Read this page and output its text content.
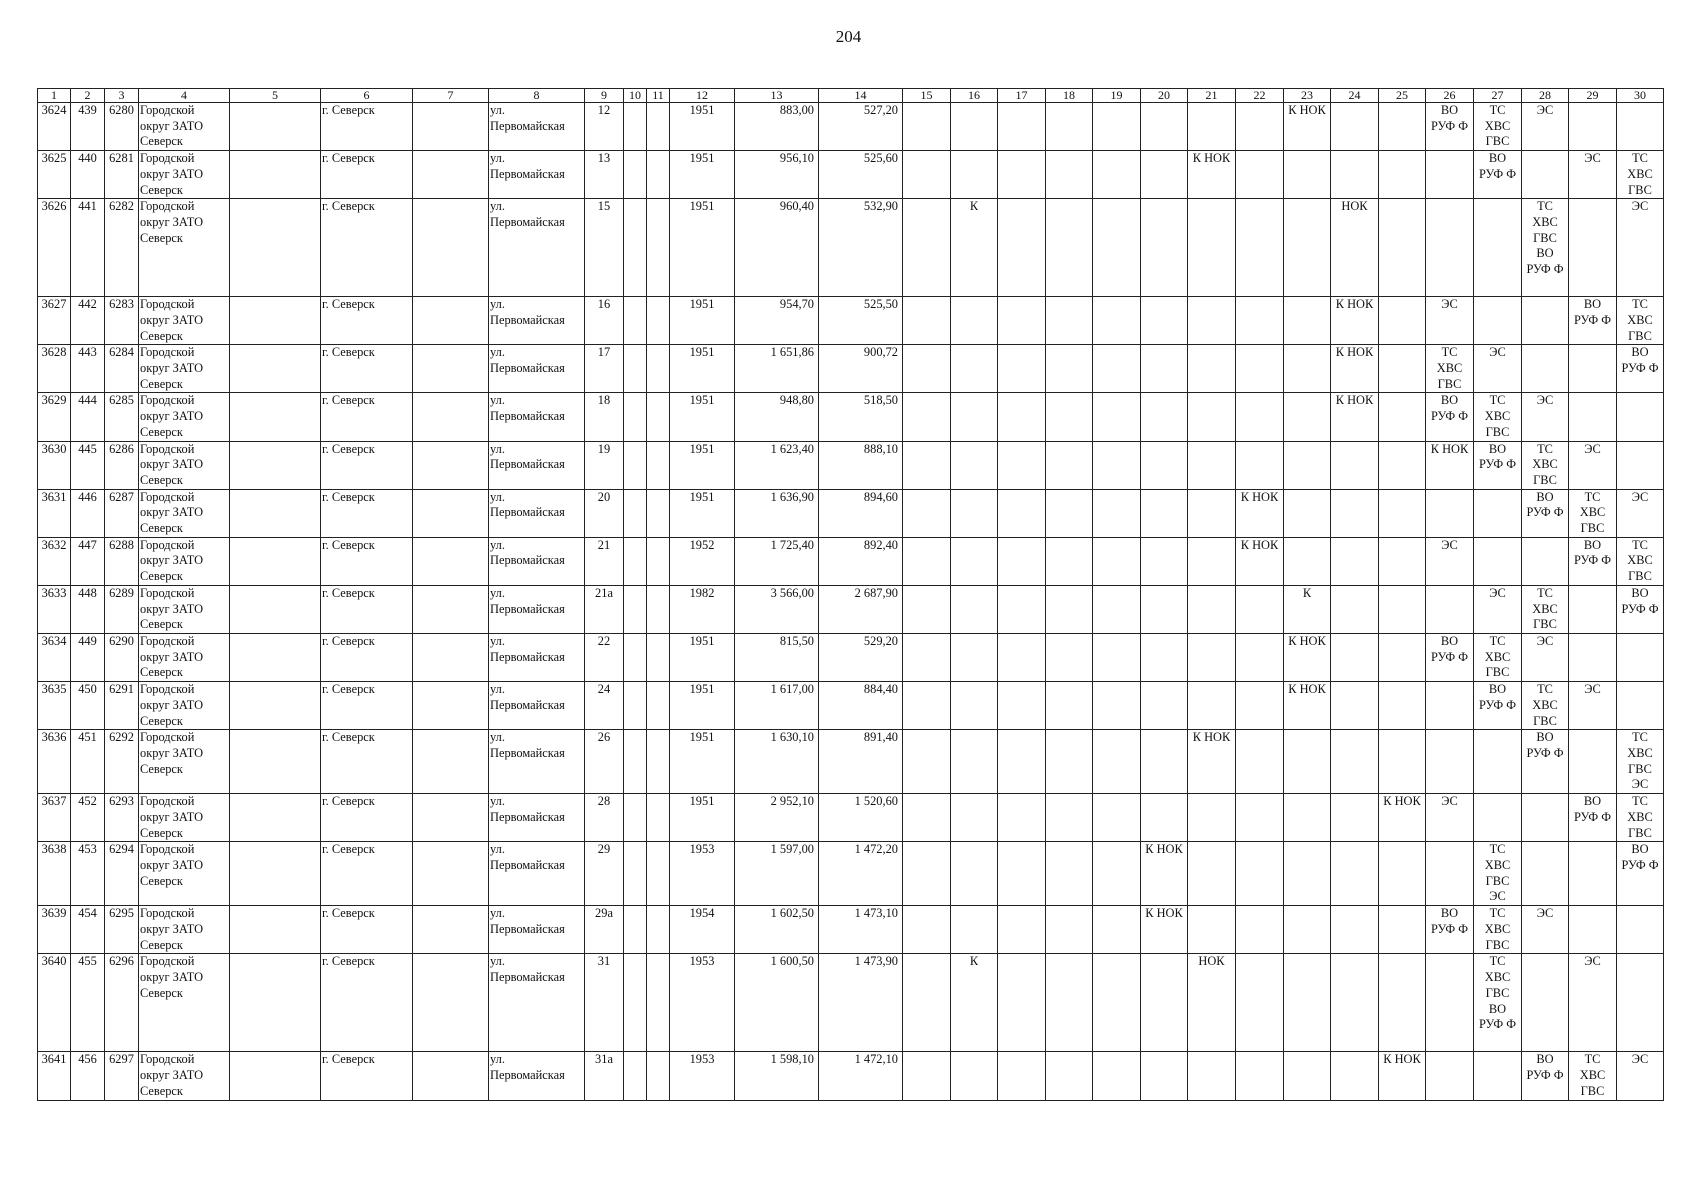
204
1	2	3	4	5	6	7	8	9	10	11	12	13	14	15	16	17	18	19	20	21	22	23	24	25	26	27	28	29	30
3624	439	6280	Городской
округ ЗАТО
Северск		г. Северск		ул.
Первомайская	12			1951	883,00	527,20									К НОК			ВО
РУФ Ф	ТС
ХВС
ГВС	ЭС		
3625	440	6281	Городской
округ ЗАТО
Северск		г. Северск		ул.
Первомайская	13			1951	956,10	525,60							К НОК						ВО
РУФ Ф		ЭС	ТС
ХВС
ГВС
3626	441	6282	Городской
округ ЗАТО
Северск		г. Северск		ул.
Первомайская	15			1951	960,40	532,90		К								НОК				ТС
ХВС
ГВС
ВО
РУФ Ф		ЭС
3627	442	6283	Городской
округ ЗАТО
Северск		г. Северск		ул.
Первомайская	16			1951	954,70	525,50										К НОК		ЭС			ВО
РУФ Ф	ТС
ХВС
ГВС
3628	443	6284	Городской
округ ЗАТО
Северск		г. Северск		ул.
Первомайская	17			1951	1 651,86	900,72										К НОК		ТС
ХВС
ГВС	ЭС			ВО
РУФ Ф
3629	444	6285	Городской
округ ЗАТО
Северск		г. Северск		ул.
Первомайская	18			1951	948,80	518,50										К НОК		ВО
РУФ Ф	ТС
ХВС
ГВС	ЭС		
3630	445	6286	Городской
округ ЗАТО
Северск		г. Северск		ул.
Первомайская	19			1951	1 623,40	888,10												К НОК	ВО
РУФ Ф	ТС
ХВС
ГВС	ЭС	
3631	446	6287	Городской
округ ЗАТО
Северск		г. Северск		ул.
Первомайская	20			1951	1 636,90	894,60								К НОК						ВО
РУФ Ф	ТС
ХВС
ГВС	ЭС
3632	447	6288	Городской
округ ЗАТО
Северск		г. Северск		ул.
Первомайская	21			1952	1 725,40	892,40								К НОК				ЭС			ВО
РУФ Ф	ТС
ХВС
ГВС
3633	448	6289	Городской
округ ЗАТО
Северск		г. Северск		ул.
Первомайская	21а			1982	3 566,00	2 687,90									К				ЭС	ТС
ХВС
ГВС		ВО
РУФ Ф
3634	449	6290	Городской
округ ЗАТО
Северск		г. Северск		ул.
Первомайская	22			1951	815,50	529,20									К НОК			ВО
РУФ Ф	ТС
ХВС
ГВС	ЭС		
3635	450	6291	Городской
округ ЗАТО
Северск		г. Северск		ул.
Первомайская	24			1951	1 617,00	884,40									К НОК				ВО
РУФ Ф	ТС
ХВС
ГВС	ЭС	
3636	451	6292	Городской
округ ЗАТО
Северск		г. Северск		ул.
Первомайская	26			1951	1 630,10	891,40							К НОК							ВО
РУФ Ф		ТС
ХВС
ГВС
ЭС
3637	452	6293	Городской
округ ЗАТО
Северск		г. Северск		ул.
Первомайская	28			1951	2 952,10	1 520,60											К НОК	ЭС			ВО
РУФ Ф	ТС
ХВС
ГВС
3638	453	6294	Городской
округ ЗАТО
Северск		г. Северск		ул.
Первомайская	29			1953	1 597,00	1 472,20						К НОК							ТС
ХВС
ГВС
ЭС			ВО
РУФ Ф
3639	454	6295	Городской
округ ЗАТО
Северск		г. Северск		ул.
Первомайская	29а			1954	1 602,50	1 473,10						К НОК						ВО
РУФ Ф	ТС
ХВС
ГВС	ЭС		
3640	455	6296	Городской
округ ЗАТО
Северск		г. Северск		ул.
Первомайская	31			1953	1 600,50	1 473,90		К					НОК						ТС
ХВС
ГВС
ВО
РУФ Ф		ЭС	
3641	456	6297	Городской
округ ЗАТО
Северск		г. Северск		ул.
Первомайская	31а			1953	1 598,10	1 472,10											К НОК			ВО
РУФ Ф	ТС
ХВС
ГВС	ЭС
